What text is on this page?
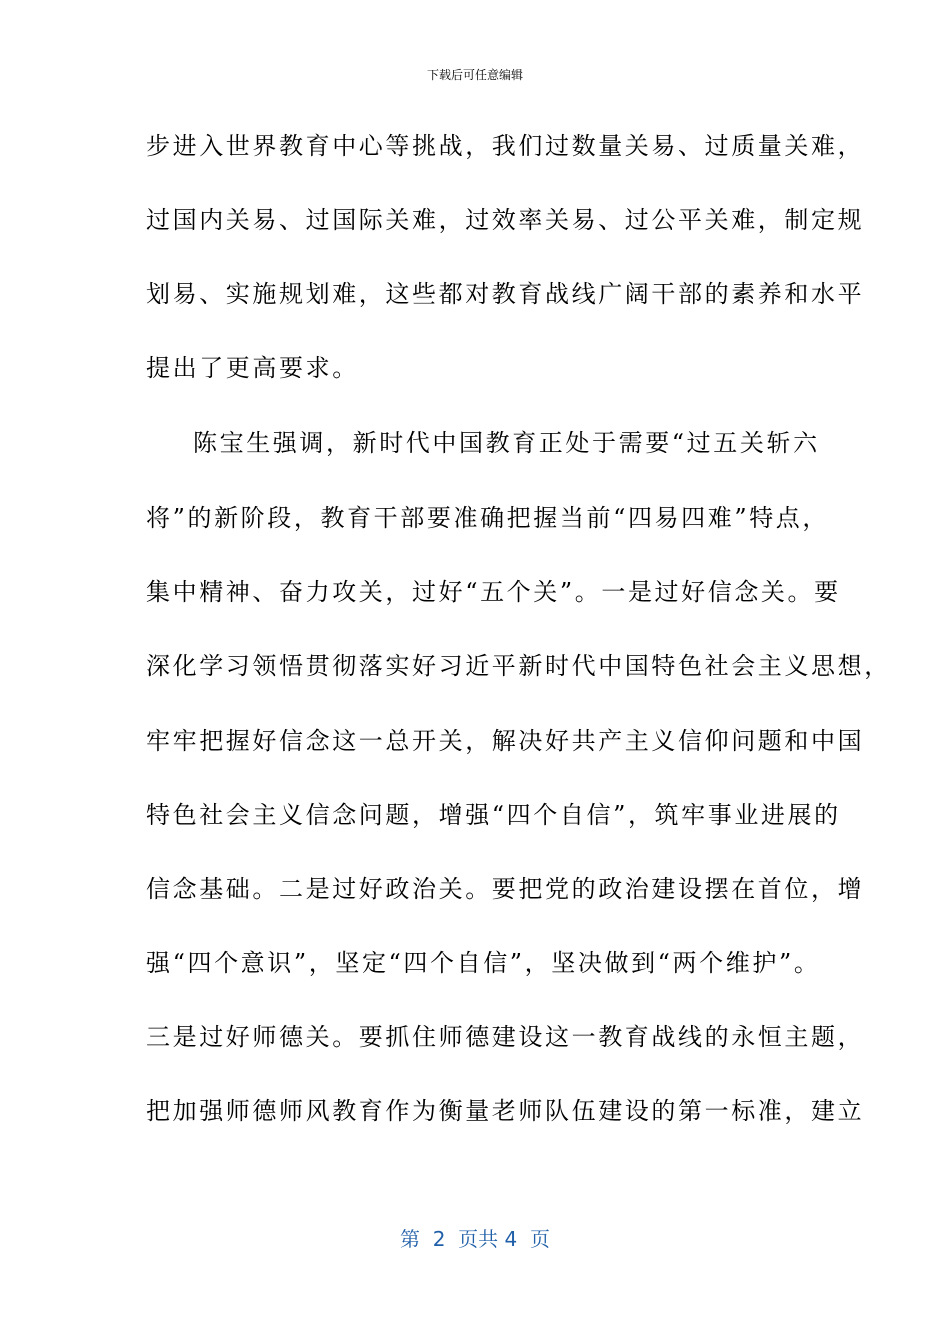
下载后可任意编辑
步进入世界教育中心等挑战，我们过数量关易、过质量关难，
过国内关易、过国际关难，过效率关易、过公平关难，制定规
划易、实施规划难，这些都对教育战线广阔干部的素养和水平
提出了更高要求。
陈宝生强调，新时代中国教育正处于需要“过五关斩六
将”的新阶段，教育干部要准确把握当前“四易四难”特点，
集中精神、奋力攻关，过好“五个关”。一是过好信念关。要
深化学习领悟贯彻落实好习近平新时代中国特色社会主义思想，
牢牢把握好信念这一总开关，解决好共产主义信仰问题和中国
特色社会主义信念问题，增强“四个自信”，筑牢事业进展的
信念基础。二是过好政治关。要把党的政治建设摆在首位，增
强“四个意识”，坚定“四个自信”，坚决做到“两个维护”。
三是过好师德关。要抓住师德建设这一教育战线的永恒主题，
把加强师德师风教育作为衡量老师队伍建设的第一标准，建立
第  2  页共 4  页
